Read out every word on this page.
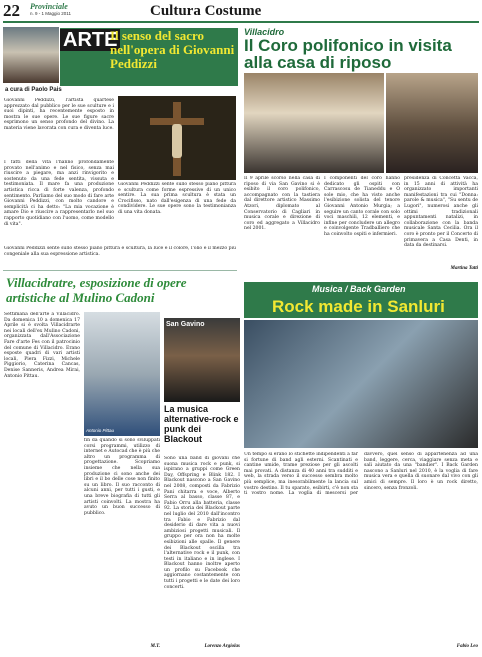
22 Provinciale
n. 9 - 1 Maggio 2011	Cultura Costume
ARTE
Il senso del sacro nell'opera di Giovanni Peddizzi
a cura di Paolo Pais
Giovanni Peddizzi, l'artista quartese apprezzato dal pubblico per le sue sculture e i suoi dipinti, ha recentemente esposto in mostra le sue opere. Le sue figure sacre esprimono un senso profondo del divino. La materia viene lavorata con cura e diventa luce.
I fatti della vita l'hanno profondamente provato nell'animo e nel fisico, senza mai riuscire a piegare, ma anzi rinvigorito e sostenuto da una fede sentita, vissuta e testimoniata. Il mare fa una produzione artistica ricca di forte valenza, profondo sentimento. Parliamo del suo modo di fare arte Giovanni Peddizzi, con molto candore e semplicità ci ha detto: "La mia vocazione è amare Dio e riuscire a rappresentarlo nel suo rapporto quotidiano con l'uomo, come modello di vita".
Giovanni Peddizzi sente sullo stesso piano pittura e scultura come forme espressive di un unico sentire. La sua prima scultura è stata un Crocifisso, nato dall'esigenza di una fede da condividere. Le sue opere sono la testimonianza di una vita donata.
Giovanni Peddizzi sente sullo stesso piano pittura e scultura, la luce e il colore, l'olio e il mezzo più congeniale alla sua espressione artistica.
Villacidro
Il Coro polifonico in visita alla casa di riposo
Il 9 aprile scorso nella casa di riposo di via San Gavino si è esibito il coro polifonico, accompagnato con la tastiera dal direttore artistico Massimo Atzori, diplomato al Conservatorio di Cagliari in musica corale e direzione di coro ed aggregato a Villacidro nel 2001.
I componenti del coro hanno dedicato gli ospiti con Carrascosu de Tianeddu e O sole mio, che ha visto anche l'esibizione solista del tenore Giovanni Antonio Murgia; a seguire un canto corale con solo voci maschili, 12 elementi, e infine per concludere un allegro e coinvolgente Tradballiero che ha coinvolto ospiti e infermieri.
presidenza di Concetta Vacca, in 15 anni di attività ha organizzato importanti manifestazioni tra cui "Donna: parole & musica", "Su sentu de Lugori", numerosi anche gli ottimi tradizionali appuntamenti natalizi, in collaborazione con la banda musicale Santa Cecilia. Ora il coro è pronto per il Concerto di primavera a Casa Denti, in data da destinarsi.
Martina Tatti
Musica / Back Garden
Rock made in Sanluri
Un tempo si erano lo stichette indipendenti a far si fortune di band agli esterni. Scantinati e cantine umide, trame preziose per gli ascolti mai provati. A distanza di 40 anni tra sudditi e web, la strada verso il successo sembra molto più semplice, ma inesorabilmente la lancia sul vostro destino. Il tu sparato, esibirti, c'è non sta ti vostro nome. La voglia di mescersi per davvero, quel senso di appartenenza ad una band, leggere, cerca, viaggiare senza meta e salì aiutato da una "bandier". I Back Garden nascono a Sanluri nel 2010, è la voglia di fare musica vera e quella di suonare dal vivo con gli amici di sempre. Il loro è un rock diretto, sincero, senza fronzoli.
Fabio Leo
Villacidratre, esposizione di opere artistiche al Mulino Cadoni
Settimana dell'arte a Villacidro. Da domenica 10 a domenica 17 Aprile si è svolta Villacidrarte nei locali dell'ex Mulino Cadoni, organizzata dall'Associazione Fare d'arte Fes con il patrocinio del comune di Villacidro. Erano esposte quadri di vari artisti locali, Piera Fizzi, Michele Piggiorio, Caterina Cancas, Denise Sanneris, Andrea Mirai, Antonio Pittau.
Antonio Pittau
fin da quando si sono sviluppati corsi programmi, utilizzo di internet e Autocad che è più che altro un programma di progettazione. Scopriamo insieme che nella sua produzione ci sono anche dei libri e il bo delle cose non finito su un libro. Il suo racconto di alcuni anni, per tutti i gusti, e una breve biografia di tutti gli artisti coinvolti. La mostra ha avuto un buon successo di pubblico.
M.T.
San Gavino
La musica alternative-rock e punk dei Blackout
Sono una band di giovani che suona musica rock e punk, si ispirano a gruppi come Green Day, Offspring e Blink 182. I Blackout nascono a San Gavino nel 2008, composti da Fabrizio Pani chitarra e voce, Alberto Serra al basso, classe 87, e Fabio Orru alla batteria, classe 92. La storia dei Blackout parte nel luglio del 2010 dall'incontro tra Fabio e Fabrizio dal desiderio di dare vita a nuovi ambiziosi progetti musicali. Il gruppo per ora non ha molte esibizioni alle spalle. Il genere dei Blackout oscilla tra l'alternative rock e il punk, con testi in italiano e in inglese. I Blackout hanno inoltre aperto un profilo su Facebook che aggiornano costantemente con tutti i progetti e le date dei loro concerti.
Lorenzo Argiolas
